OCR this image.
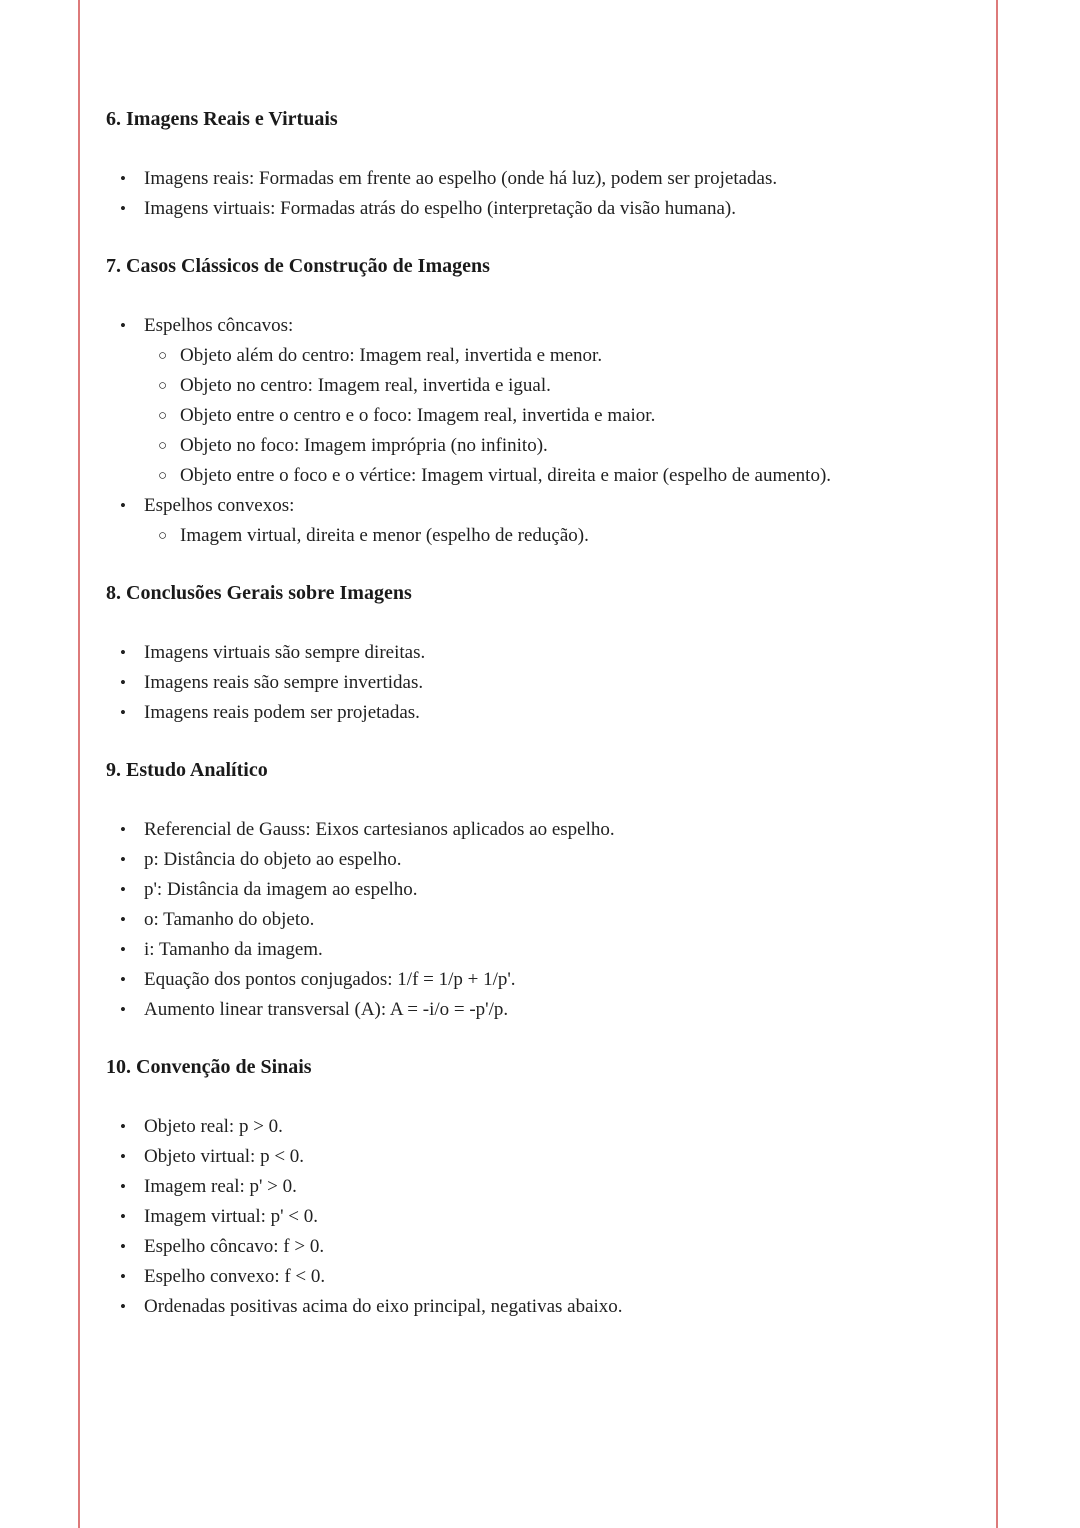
6. Imagens Reais e Virtuais
• Imagens reais: Formadas em frente ao espelho (onde há luz), podem ser projetadas.
• Imagens virtuais: Formadas atrás do espelho (interpretação da visão humana).
7. Casos Clássicos de Construção de Imagens
• Espelhos côncavos:
○ Objeto além do centro: Imagem real, invertida e menor.
○ Objeto no centro: Imagem real, invertida e igual.
○ Objeto entre o centro e o foco: Imagem real, invertida e maior.
○ Objeto no foco: Imagem imprópria (no infinito).
○ Objeto entre o foco e o vértice: Imagem virtual, direita e maior (espelho de aumento).
• Espelhos convexos:
○ Imagem virtual, direita e menor (espelho de redução).
8. Conclusões Gerais sobre Imagens
• Imagens virtuais são sempre direitas.
• Imagens reais são sempre invertidas.
• Imagens reais podem ser projetadas.
9. Estudo Analítico
• Referencial de Gauss: Eixos cartesianos aplicados ao espelho.
• p: Distância do objeto ao espelho.
• p': Distância da imagem ao espelho.
• o: Tamanho do objeto.
• i: Tamanho da imagem.
• Equação dos pontos conjugados: 1/f = 1/p + 1/p'.
• Aumento linear transversal (A): A = -i/o = -p'/p.
10. Convenção de Sinais
• Objeto real: p > 0.
• Objeto virtual: p < 0.
• Imagem real: p' > 0.
• Imagem virtual: p' < 0.
• Espelho côncavo: f > 0.
• Espelho convexo: f < 0.
• Ordenadas positivas acima do eixo principal, negativas abaixo.
